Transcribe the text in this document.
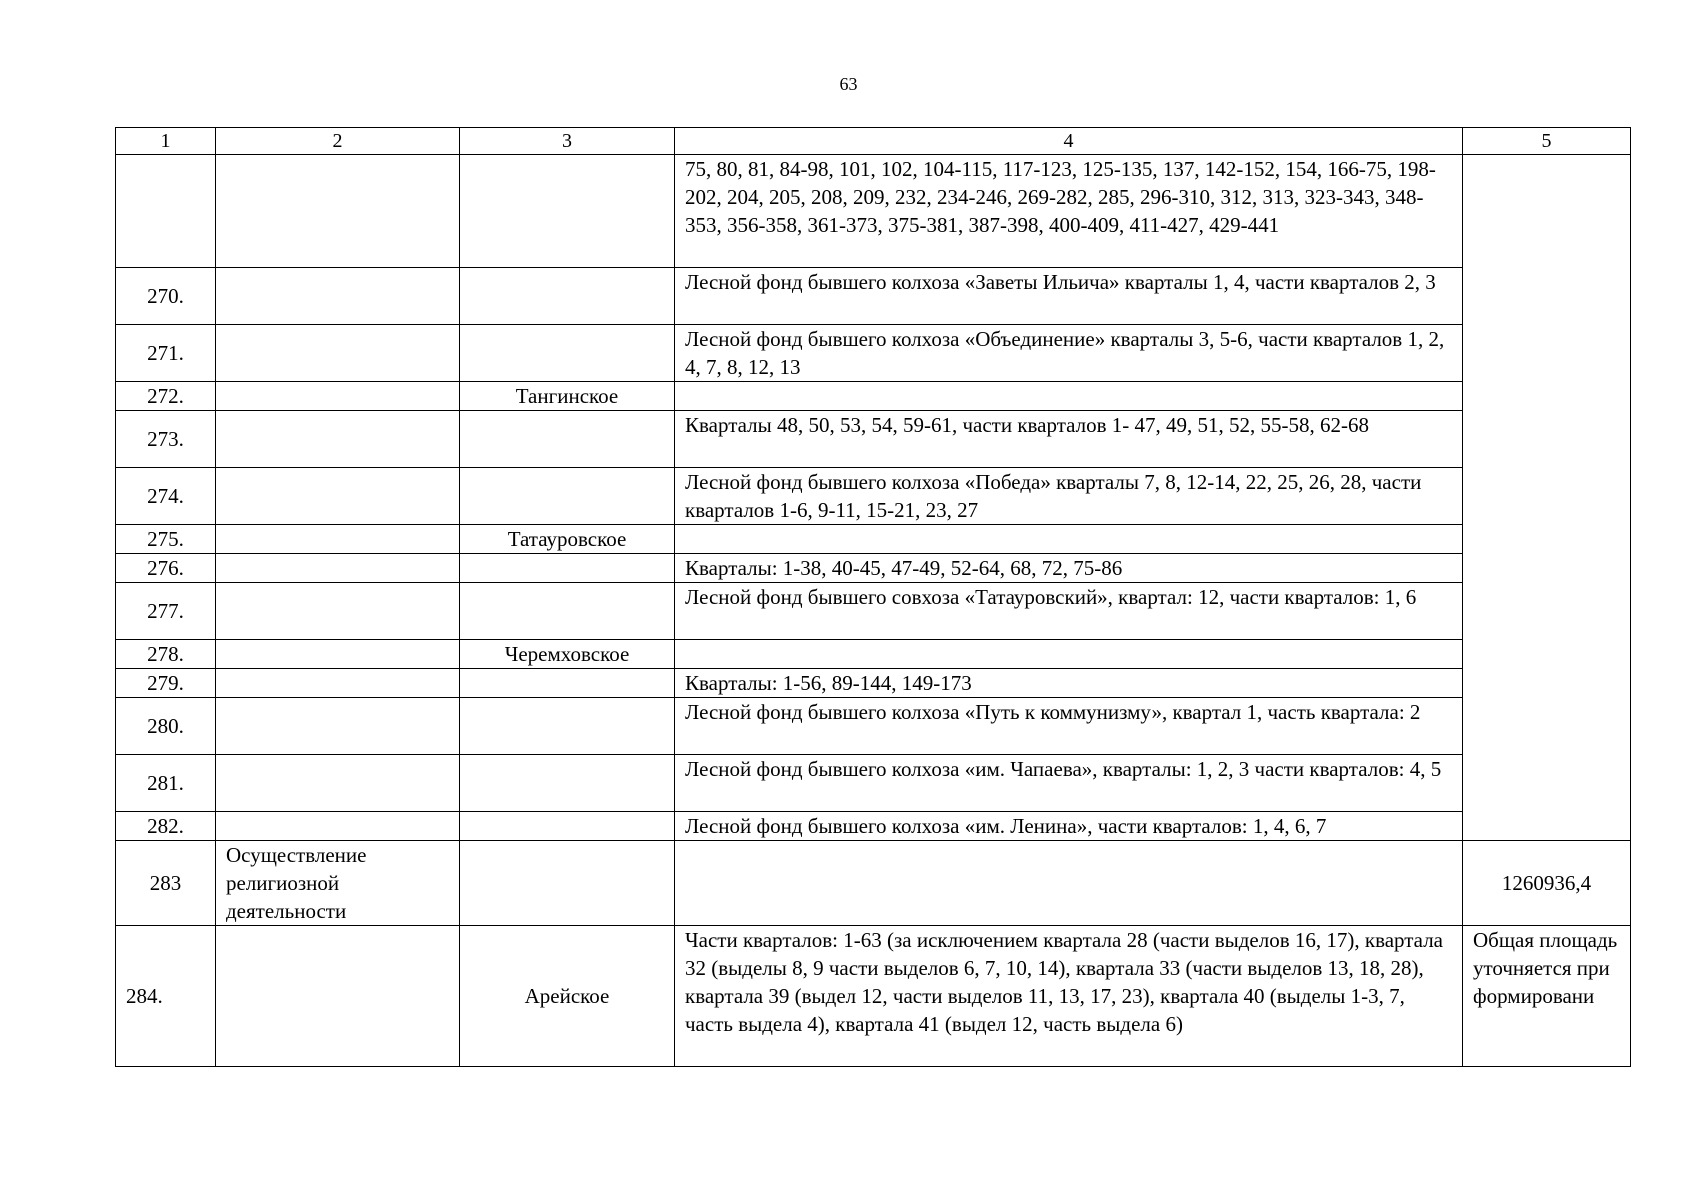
63
1	2	3	4	5
			75, 80, 81, 84-98, 101, 102, 104-115, 117-123, 125-135, 137, 142-152, 154, 166-75, 198-202, 204, 205, 208, 209, 232, 234-246, 269-282, 285, 296-310, 312, 313, 323-343, 348-353, 356-358, 361-373, 375-381, 387-398, 400-409, 411-427, 429-441	
270.			Лесной фонд бывшего колхоза «Заветы Ильича» кварталы 1, 4, части кварталов 2, 3	
271.			Лесной фонд бывшего колхоза «Объединение» кварталы 3, 5-6, части кварталов 1, 2, 4, 7, 8, 12, 13	
272.		Тангинское		
273.			Кварталы 48, 50, 53, 54, 59-61, части кварталов 1- 47, 49, 51, 52, 55-58, 62-68	
274.			Лесной фонд бывшего колхоза «Победа» кварталы 7, 8, 12-14, 22, 25, 26, 28, части кварталов 1-6, 9-11, 15-21, 23, 27	
275.		Татауровское		
276.			Кварталы: 1-38, 40-45, 47-49, 52-64, 68, 72, 75-86	
277.			Лесной фонд бывшего совхоза «Татауровский», квартал: 12, части кварталов: 1, 6	
278.		Черемховское		
279.			Кварталы: 1-56, 89-144, 149-173	
280.			Лесной фонд бывшего колхоза «Путь к коммунизму», квартал 1, часть квартала: 2	
281.			Лесной фонд бывшего колхоза «им. Чапаева», кварталы: 1, 2, 3 части кварталов: 4, 5	
282.			Лесной фонд бывшего колхоза «им. Ленина», части кварталов: 1, 4, 6, 7	
283	Осуществление религиозной деятельности			1260936,4
284.		Арейское	Части кварталов: 1-63 (за исключением квартала 28 (части выделов 16, 17), квартала 32 (выделы 8, 9 части выделов 6, 7, 10, 14), квартала 33 (части выделов 13, 18, 28), квартала 39 (выдел 12, части выделов 11, 13, 17, 23), квартала 40 (выделы 1-3, 7, часть выдела 4), квартала 41 (выдел 12, часть выдела 6)	Общая площадь уточняется при формировани
